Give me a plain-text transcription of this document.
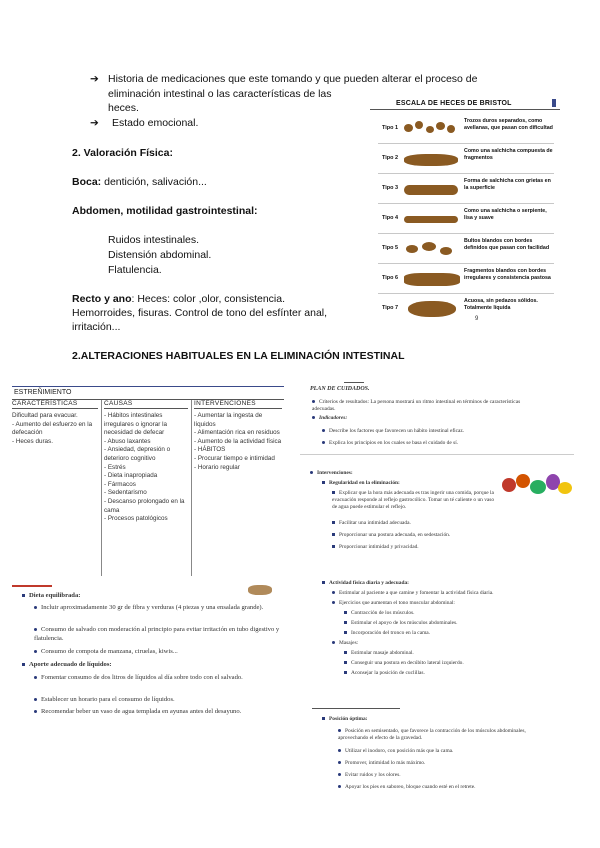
➔ Historia de medicaciones que este tomando y que pueden alterar el proceso de
eliminación intestinal o las características de las
heces.
➔ Estado emocional.
2. Valoración Física:
Boca: dentición, salivación...
Abdomen, motilidad gastrointestinal:
Ruidos intestinales.
Distensión abdominal.
Flatulencia.
Recto y ano: Heces: color ,olor, consistencia.
Hemorroides, fisuras. Control de tono del esfínter anal,
irritación...
ESCALA DE HECES DE BRISTOL
Tipo 1
Trozos duros separados, como avellanas, que pasan con dificultad
Tipo 2
Como una salchicha compuesta de fragmentos
Tipo 3
Forma de salchicha con grietas en la superficie
Tipo 4
Como una salchicha o serpiente, lisa y suave
Tipo 5
Bultos blandos con bordes definidos que pasan con facilidad
Tipo 6
Fragmentos blandos con bordes irregulares y consistencia pastosa
Tipo 7
Acuosa, sin pedazos sólidos. Totalmente líquida
2.ALTERACIONES HABITUALES EN LA ELIMINACIÓN INTESTINAL
ESTREÑIMIENTO
CARACTERÍSTICAS
Dificultad para evacuar.
- Aumento del esfuerzo en la defecación
- Heces duras.
CAUSAS
- Hábitos intestinales irregulares o ignorar la necesidad de defecar
- Abuso laxantes
- Ansiedad, depresión o deterioro cognitivo
- Estrés
- Dieta inapropiada
- Fármacos
- Sedentarismo
- Descanso prolongado en la cama
- Procesos patológicos
INTERVENCIONES
- Aumentar la ingesta de líquidos
- Alimentación rica en residuos
- Aumento de la actividad física
- HÁBITOS
- Procurar tiempo e intimidad
- Horario regular
PLAN DE CUIDADOS.
Criterios de resultados: La persona mostrará un ritmo intestinal en términos de características adecuadas.
Indicadores:
Describe los factores que favorecen un hábito intestinal eficaz.
Explica los principios en los cuales se basa el cuidado de sí.
Intervenciones:
Regularidad en la eliminación:
Explicar que la hora más adecuada es tras ingerir una comida, porque la evacuación responde al reflejo gastrocólico. Tomar un té caliente o un vaso de agua puede estimular el reflejo.
Facilitar una intimidad adecuada.
Proporcionar una postura adecuada, en sedestación.
Proporcionar intimidad y privacidad.
Actividad física diaria y adecuada:
Estimular al paciente a que camine y fomentar la actividad física diaria.
Ejercicios que aumentan el tono muscular abdominal:
Contracción de los músculos.
Estimular el apoyo de los músculos abdominales.
Incorporación del tronco en la cama.
Masajes:
Estimular masaje abdominal.
Conseguir una postura en decúbito lateral izquierdo.
Aconsejar la posición de cuclillas.
Dieta equilibrada:
Incluir aproximadamente 30 gr de fibra y verduras (4 piezas y una ensalada grande).
Consumo de salvado con moderación al principio para evitar irritación en tubo digestivo y flatulencia.
Consumo de compota de manzana, ciruelas, kiwis...
Aporte adecuado de líquidos:
Fomentar consumo de dos litros de líquidos al día sobre todo con el salvado.
Establecer un horario para el consumo de líquidos.
Recomendar beber un vaso de agua templada en ayunas antes del desayuno.
Posición óptima:
Posición en semisentado, que favorece la contracción de los músculos abdominales, aprovechando el efecto de la gravedad.
Utilizar el inodoro, con posición más que la cama.
Promover, intimidad lo más máximo.
Evitar ruidos y los olores.
Apoyar los pies en saboreo, bloque cuando esté en el retrete.
9
